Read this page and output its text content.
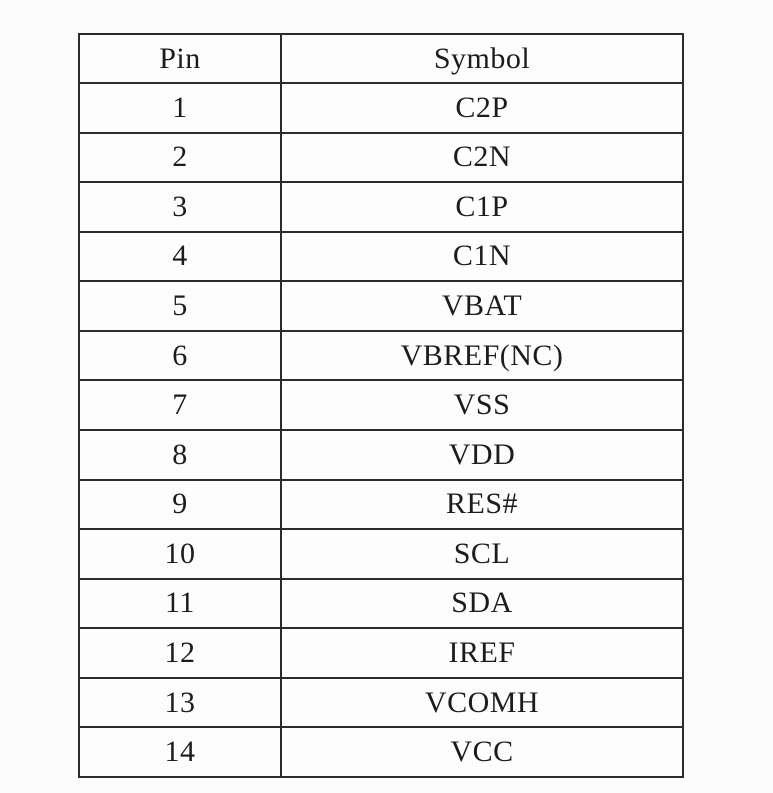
Pin	Symbol
1	C2P
2	C2N
3	C1P
4	C1N
5	VBAT
6	VBREF(NC)
7	VSS
8	VDD
9	RES#
10	SCL
11	SDA
12	IREF
13	VCOMH
14	VCC
